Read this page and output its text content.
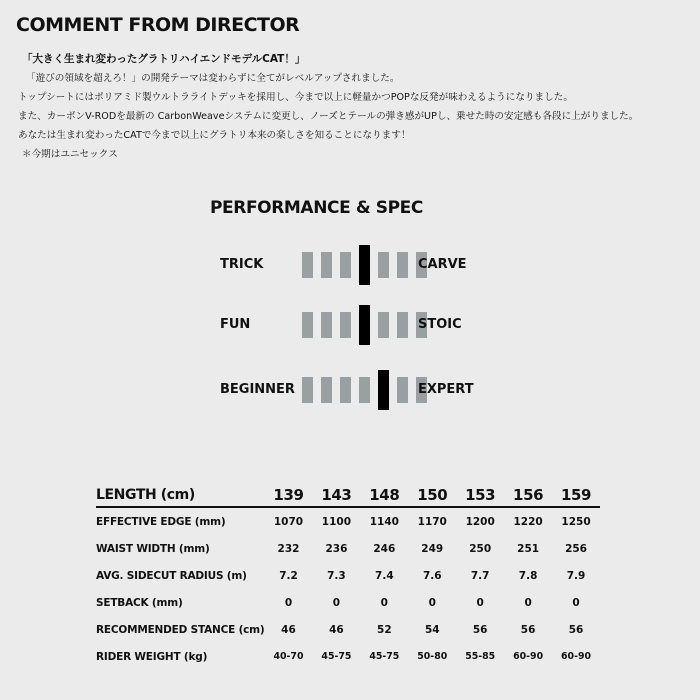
COMMENT FROM DIRECTOR
「大きく生まれ変わったグラトリハイエンドモデルCAT！」
「遊びの領域を超えろ！」の開発テーマは変わらずに全てがレベルアップされました。
トップシートにはポリアミド製ウルトラライトデッキを採用し、今まで以上に軽量かつPOPな反発が味わえるようになりました。
また、カーボンV-RODを最新の CarbonWeaveシステムに変更し、ノーズとテールの弾き感がUPし、乗せた時の安定感も各段に上がりました。
あなたは生まれ変わったCATで今まで以上にグラトリ本来の楽しさを知ることになります！
＊今期はユニセックス
PERFORMANCE & SPEC
TRICK	CARVE
FUN	STOIC
BEGINNER	EXPERT
LENGTH (cm)	139	143	148	150	153	156	159
EFFECTIVE EDGE (mm)	1070	1100	1140	1170	1200	1220	1250
WAIST WIDTH (mm)	232	236	246	249	250	251	256
AVG. SIDECUT RADIUS (m)	7.2	7.3	7.4	7.6	7.7	7.8	7.9
SETBACK (mm)	0	0	0	0	0	0	0
RECOMMENDED STANCE (cm)	46	46	52	54	56	56	56
RIDER WEIGHT (kg)	40-70	45-75	45-75	50-80	55-85	60-90	60-90
